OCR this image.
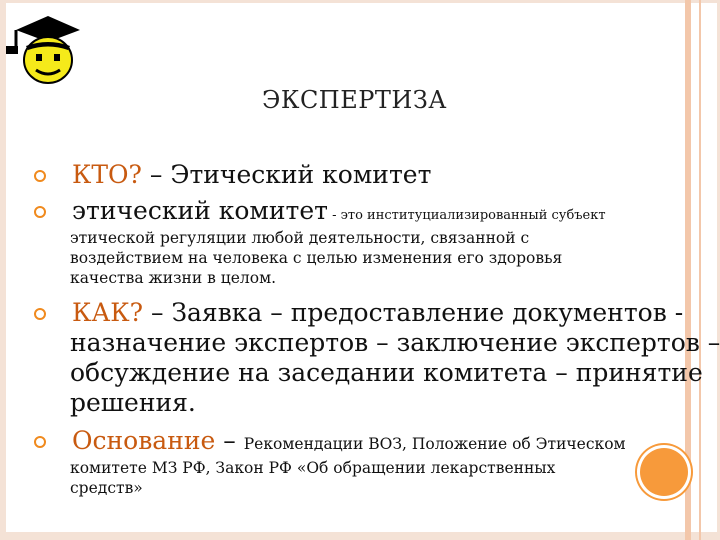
ЭКСПЕРТИЗА
КТО? – Этический комитет
этический комитет - это институциализированный субъект
этической регуляции любой деятельности, связанной с
воздействием на человека с целью изменения его здоровья
качества жизни в целом.
КАК? – Заявка – предоставление документов -
назначение экспертов – заключение экспертов –
обсуждение на заседании комитета – принятие
решения.
Основание – Рекомендации ВОЗ, Положение об Этическом
комитете МЗ РФ, Закон РФ «Об обращении лекарственных
средств»
